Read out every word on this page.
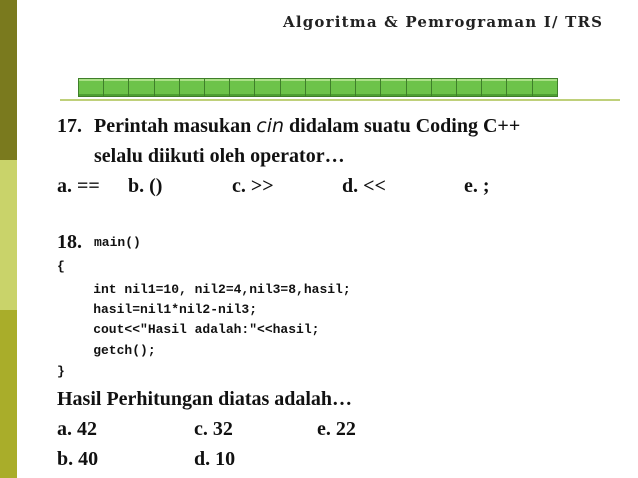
Algoritma & Pemrograman I/ TRS
17. Perintah masukan cin didalam suatu Coding C++
selalu diikuti oleh operator…
a. == b. ()	c. >>	d. <<	e. ;
18. main()
{
int nil1=10, nil2=4,nil3=8,hasil;
hasil=nil1*nil2-nil3;
cout<<"Hasil adalah:"<<hasil;
getch();
}
Hasil Perhitungan diatas adalah…
a. 42	c. 32	e. 22
b. 40	d. 10
